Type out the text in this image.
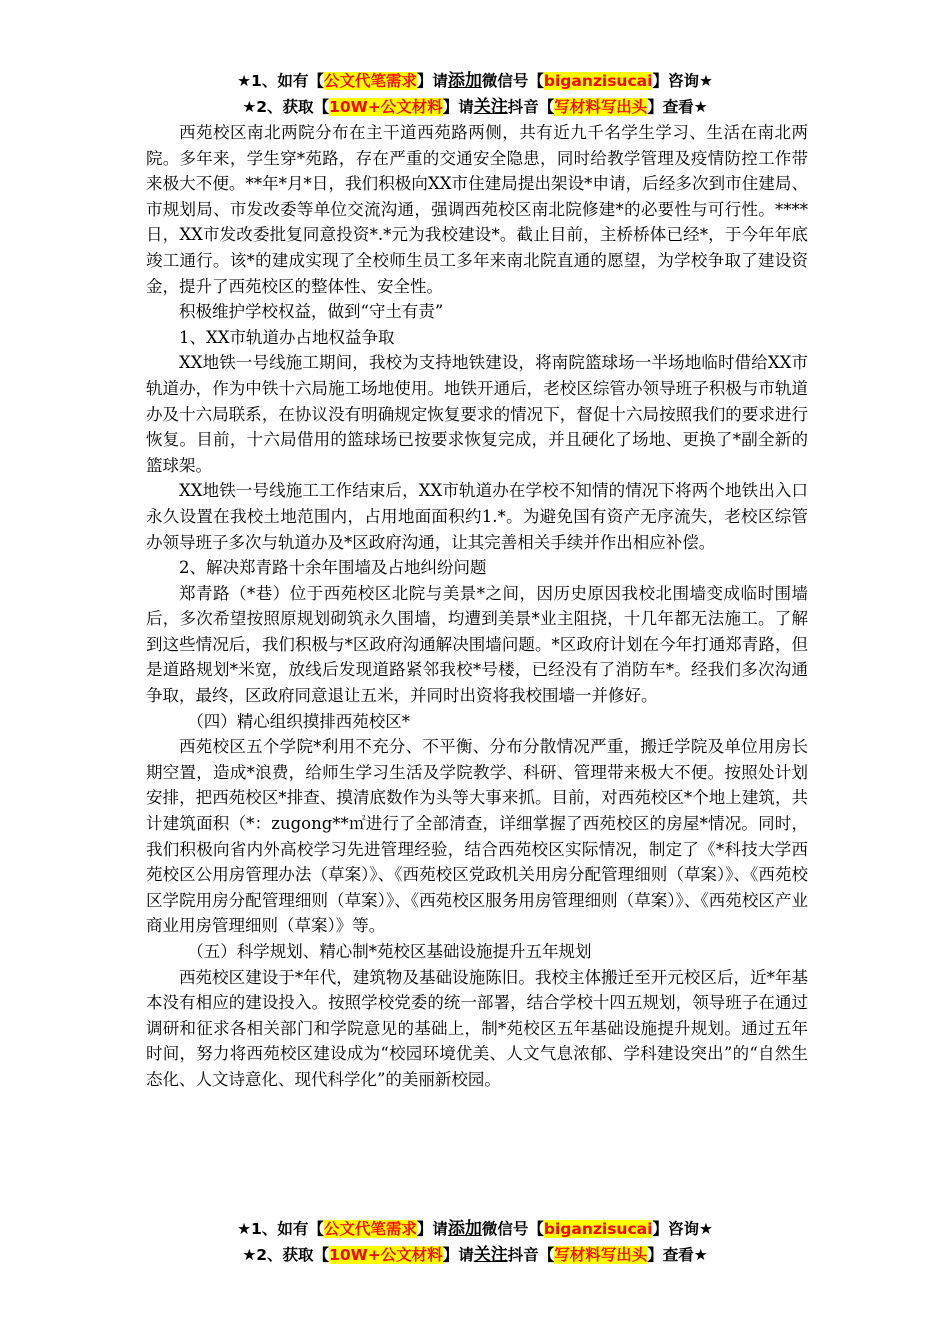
★1、如有【公文代笔需求】请添加微信号【biganzisucai】咨询★
★2、获取【10W+公文材料】请关注抖音【写材料写出头】查看★

西苑校区南北两院分布在主干道西苑路两侧，共有近九千名学生学习、生活在南北两院。多年来，学生穿*苑路，存在严重的交通安全隐患，同时给教学管理及疫情防控工作带来极大不便。**年*月*日，我们积极向XX市住建局提出架设*申请，后经多次到市住建局、市规划局、市发改委等单位交流沟通，强调西苑校区南北院修建*的必要性与可行性。****日，XX市发改委批复同意投资*.*元为我校建设*。截止目前，主桥桥体已经*，于今年年底竣工通行。该*的建成实现了全校师生员工多年来南北院直通的愿望，为学校争取了建设资金，提升了西苑校区的整体性、安全性。

积极维护学校权益，做到“守土有责”

1、XX市轨道办占地权益争取

XX地铁一号线施工期间，我校为支持地铁建设，将南院篮球场一半场地临时借给XX市轨道办，作为中铁十六局施工场地使用。地铁开通后，老校区综管办领导班子积极与市轨道办及十六局联系，在协议没有明确规定恢复要求的情况下，督促十六局按照我们的要求进行恢复。目前，十六局借用的篮球场已按要求恢复完成，并且硬化了场地、更换了*副全新的篮球架。

XX地铁一号线施工工作结束后，XX市轨道办在学校不知情的情况下将两个地铁出入口永久设置在我校土地范围内，占用地面面积约1.*。为避免国有资产无序流失，老校区综管办领导班子多次与轨道办及*区政府沟通，让其完善相关手续并作出相应补偿。

2、解决郑青路十余年围墙及占地纠纷问题

郑青路（*巷）位于西苑校区北院与美景*之间，因历史原因我校北围墙变成临时围墙后，多次希望按照原规划砌筑永久围墙，均遭到美景*业主阻挠，十几年都无法施工。了解到这些情况后，我们积极与*区政府沟通解决围墙问题。*区政府计划在今年打通郑青路，但是道路规划*米宽，放线后发现道路紧邻我校*号楼，已经没有了消防车*。经我们多次沟通争取，最终，区政府同意退让五米，并同时出资将我校围墙一并修好。

（四）精心组织摸排西苑校区*

西苑校区五个学院*利用不充分、不平衡、分布分散情况严重，搬迁学院及单位用房长期空置，造成*浪费，给师生学习生活及学院教学、科研、管理带来极大不便。按照处计划安排，把西苑校区*排查、摸清底数作为头等大事来抓。目前，对西苑校区*个地上建筑，共计建筑面积（*：zugong**㎡进行了全部清查，详细掌握了西苑校区的房屋*情况。同时，我们积极向省内外高校学习先进管理经验，结合西苑校区实际情况，制定了《*科技大学西苑校区公用房管理办法（草案）》、《西苑校区党政机关用房分配管理细则（草案）》、《西苑校区学院用房分配管理细则（草案）》、《西苑校区服务用房管理细则（草案）》、《西苑校区产业商业用房管理细则（草案）》等。

（五）科学规划、精心制*苑校区基础设施提升五年规划

西苑校区建设于*年代，建筑物及基础设施陈旧。我校主体搬迁至开元校区后，近*年基本没有相应的建设投入。按照学校党委的统一部署，结合学校十四五规划，领导班子在通过调研和征求各相关部门和学院意见的基础上，制*苑校区五年基础设施提升规划。通过五年时间，努力将西苑校区建设成为“校园环境优美、人文气息浓郁、学科建设突出”的“自然生态化、人文诗意化、现代科学化”的美丽新校园。

★1、如有【公文代笔需求】请添加微信号【biganzisucai】咨询★
★2、获取【10W+公文材料】请关注抖音【写材料写出头】查看★
